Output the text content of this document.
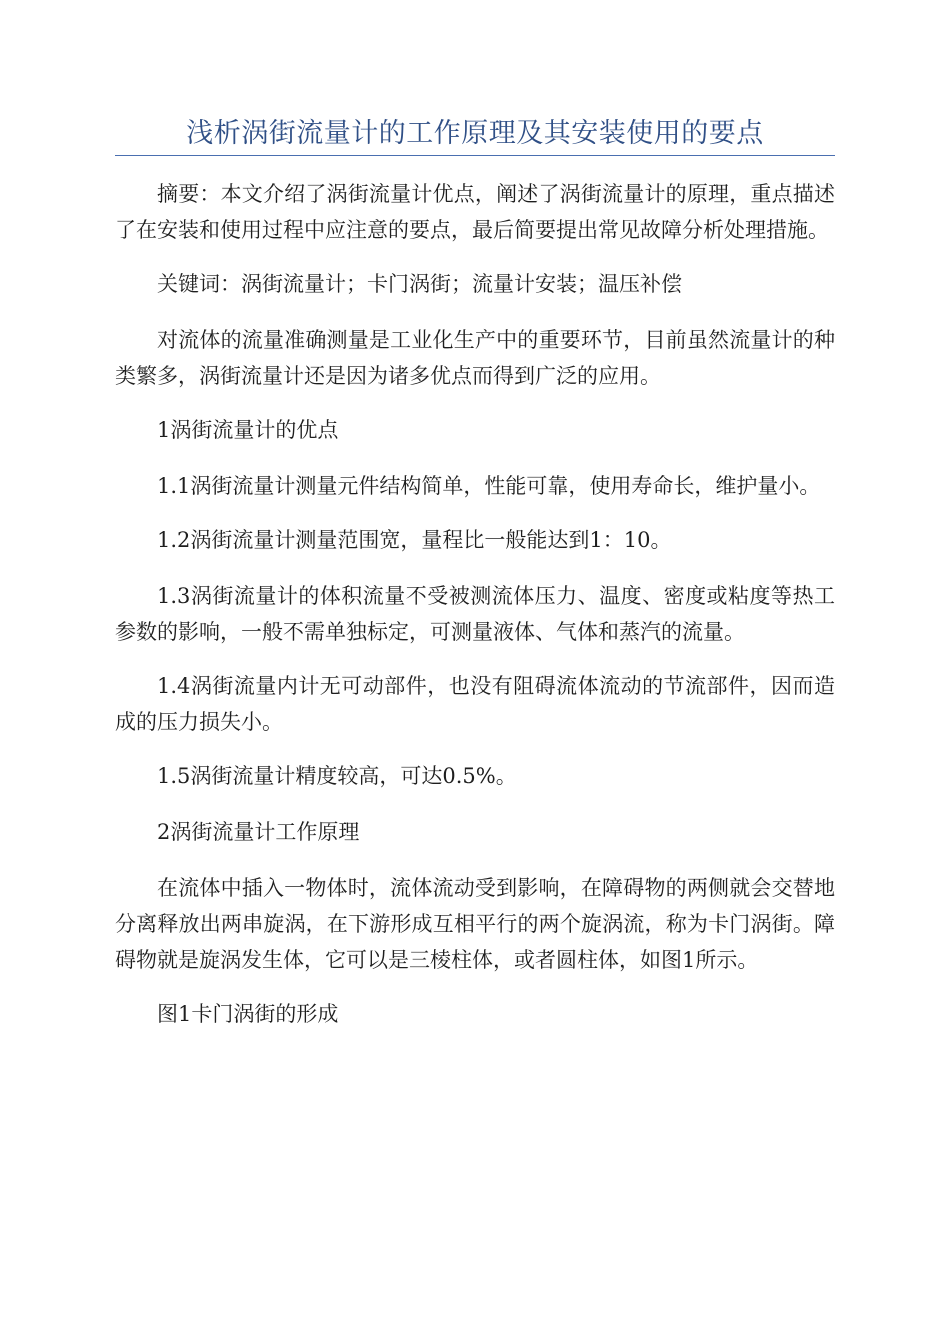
浅析涡街流量计的工作原理及其安装使用的要点

摘要：本文介绍了涡街流量计优点，阐述了涡街流量计的原理，重点描述了在安装和使用过程中应注意的要点，最后简要提出常见故障分析处理措施。

关键词：涡街流量计；卡门涡街；流量计安装；温压补偿

对流体的流量准确测量是工业化生产中的重要环节，目前虽然流量计的种类繁多，涡街流量计还是因为诸多优点而得到广泛的应用。

1涡街流量计的优点

1.1涡街流量计测量元件结构简单，性能可靠，使用寿命长，维护量小。

1.2涡街流量计测量范围宽，量程比一般能达到1：10。

1.3涡街流量计的体积流量不受被测流体压力、温度、密度或粘度等热工参数的影响，一般不需单独标定，可测量液体、气体和蒸汽的流量。

1.4涡街流量内计无可动部件，也没有阻碍流体流动的节流部件，因而造成的压力损失小。

1.5涡街流量计精度较高，可达0.5%。

2涡街流量计工作原理

在流体中插入一物体时，流体流动受到影响，在障碍物的两侧就会交替地分离释放出两串旋涡，在下游形成互相平行的两个旋涡流，称为卡门涡街。障碍物就是旋涡发生体，它可以是三棱柱体，或者圆柱体，如图1所示。

图1卡门涡街的形成
